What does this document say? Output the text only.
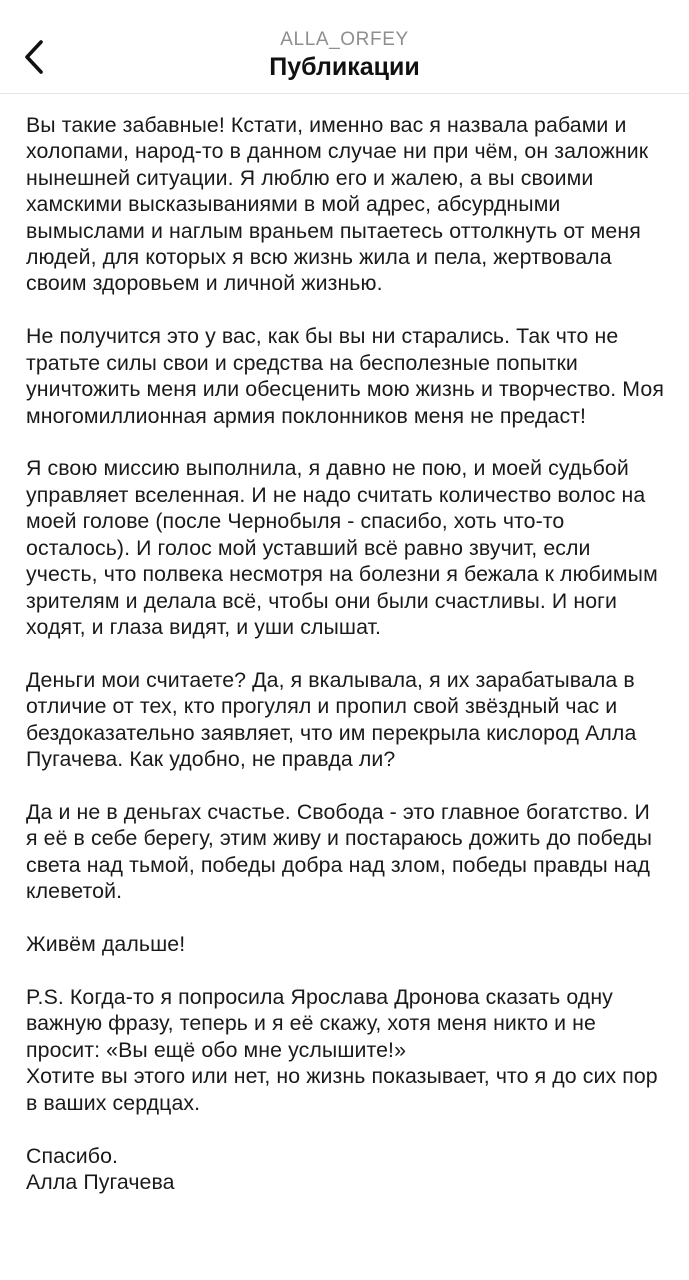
ALLA_ORFEY
Публикации

Вы такие забавные! Кстати, именно вас я назвала рабами и холопами, народ-то в данном случае ни при чём, он заложник нынешней ситуации. Я люблю его и жалею, а вы своими хамскими высказываниями в мой адрес, абсурдными вымыслами и наглым враньем пытаетесь оттолкнуть от меня людей, для которых я всю жизнь жила и пела, жертвовала своим здоровьем и личной жизнью.

Не получится это у вас, как бы вы ни старались. Так что не тратьте силы свои и средства на бесполезные попытки уничтожить меня или обесценить мою жизнь и творчество. Моя многомиллионная армия поклонников меня не предаст!

Я свою миссию выполнила, я давно не пою, и моей судьбой управляет вселенная. И не надо считать количество волос на моей голове (после Чернобыля - спасибо, хоть что-то осталось). И голос мой уставший всё равно звучит, если учесть, что полвека несмотря на болезни я бежала к любимым зрителям и делала всё, чтобы они были счастливы. И ноги ходят, и глаза видят, и уши слышат.

Деньги мои считаете? Да, я вкалывала, я их зарабатывала в отличие от тех, кто прогулял и пропил свой звёздный час и бездоказательно заявляет, что им перекрыла кислород Алла Пугачева. Как удобно, не правда ли?

Да и не в деньгах счастье. Свобода - это главное богатство. И я её в себе берегу, этим живу и постараюсь дожить до победы света над тьмой, победы добра над злом, победы правды над клеветой.

Живём дальше!

P.S. Когда-то я попросила Ярослава Дронова сказать одну важную фразу, теперь и я её скажу, хотя меня никто и не просит: «Вы ещё обо мне услышите!»
Хотите вы этого или нет, но жизнь показывает, что я до сих пор в ваших сердцах.

Спасибо.
Алла Пугачева
